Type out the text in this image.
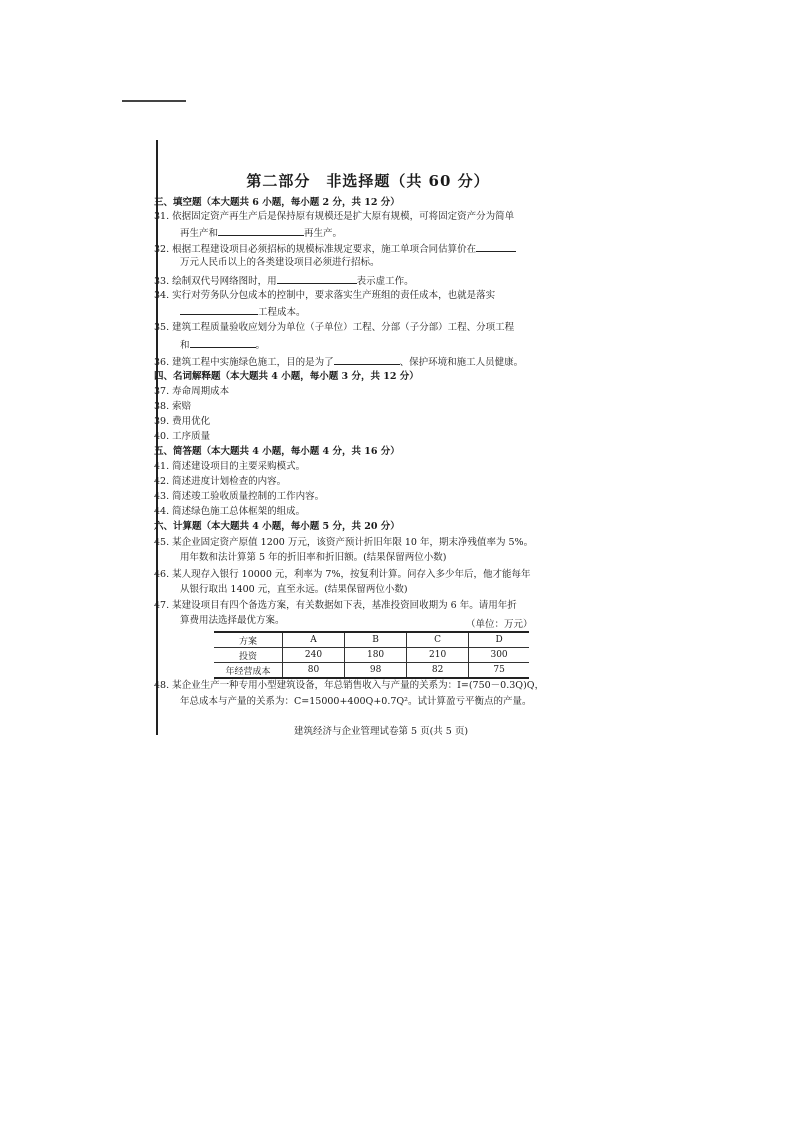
第二部分　非选择题（共 60 分）
三、填空题（本大题共 6 小题，每小题 2 分，共 12 分）
31. 依据固定资产再生产后是保持原有规模还是扩大原有规模，可将固定资产分为简单
再生产和	再生产。
32. 根据工程建设项目必须招标的规模标准规定要求，施工单项合同估算价在
万元人民币以上的各类建设项目必须进行招标。
33. 绘制双代号网络图时，用	表示虚工作。
34. 实行对劳务队分包成本的控制中，要求落实生产班组的责任成本，也就是落实
工程成本。
35. 建筑工程质量验收应划分为单位（子单位）工程、分部（子分部）工程、分项工程
和	。
36. 建筑工程中实施绿色施工，目的是为了	、保护环境和施工人员健康。
四、名词解释题（本大题共 4 小题，每小题 3 分，共 12 分）
37. 寿命周期成本
38. 索赔
39. 费用优化
40. 工序质量
五、简答题（本大题共 4 小题，每小题 4 分，共 16 分）
41. 简述建设项目的主要采购模式。
42. 简述进度计划检查的内容。
43. 简述竣工验收质量控制的工作内容。
44. 简述绿色施工总体框架的组成。
六、计算题（本大题共 4 小题，每小题 5 分，共 20 分）
45. 某企业固定资产原值 1200 万元，该资产预计折旧年限 10 年，期末净残值率为 5%。
用年数和法计算第 5 年的折旧率和折旧额。(结果保留两位小数)
46. 某人现存入银行 10000 元，利率为 7%，按复利计算。问存入多少年后，他才能每年
从银行取出 1400 元，直至永远。(结果保留两位小数)
47. 某建设项目有四个备选方案，有关数据如下表，基准投资回收期为 6 年。请用年折
算费用法选择最优方案。	（单位：万元）
方案	A	B	C	D
投资	240	180	210	300
年经营成本	80	98	82	75
48. 某企业生产一种专用小型建筑设备，年总销售收入与产量的关系为：I=(750－0.3Q)Q，
年总成本与产量的关系为：C=15000+400Q+0.7Q²。试计算盈亏平衡点的产量。
建筑经济与企业管理试卷第 5 页(共 5 页)
